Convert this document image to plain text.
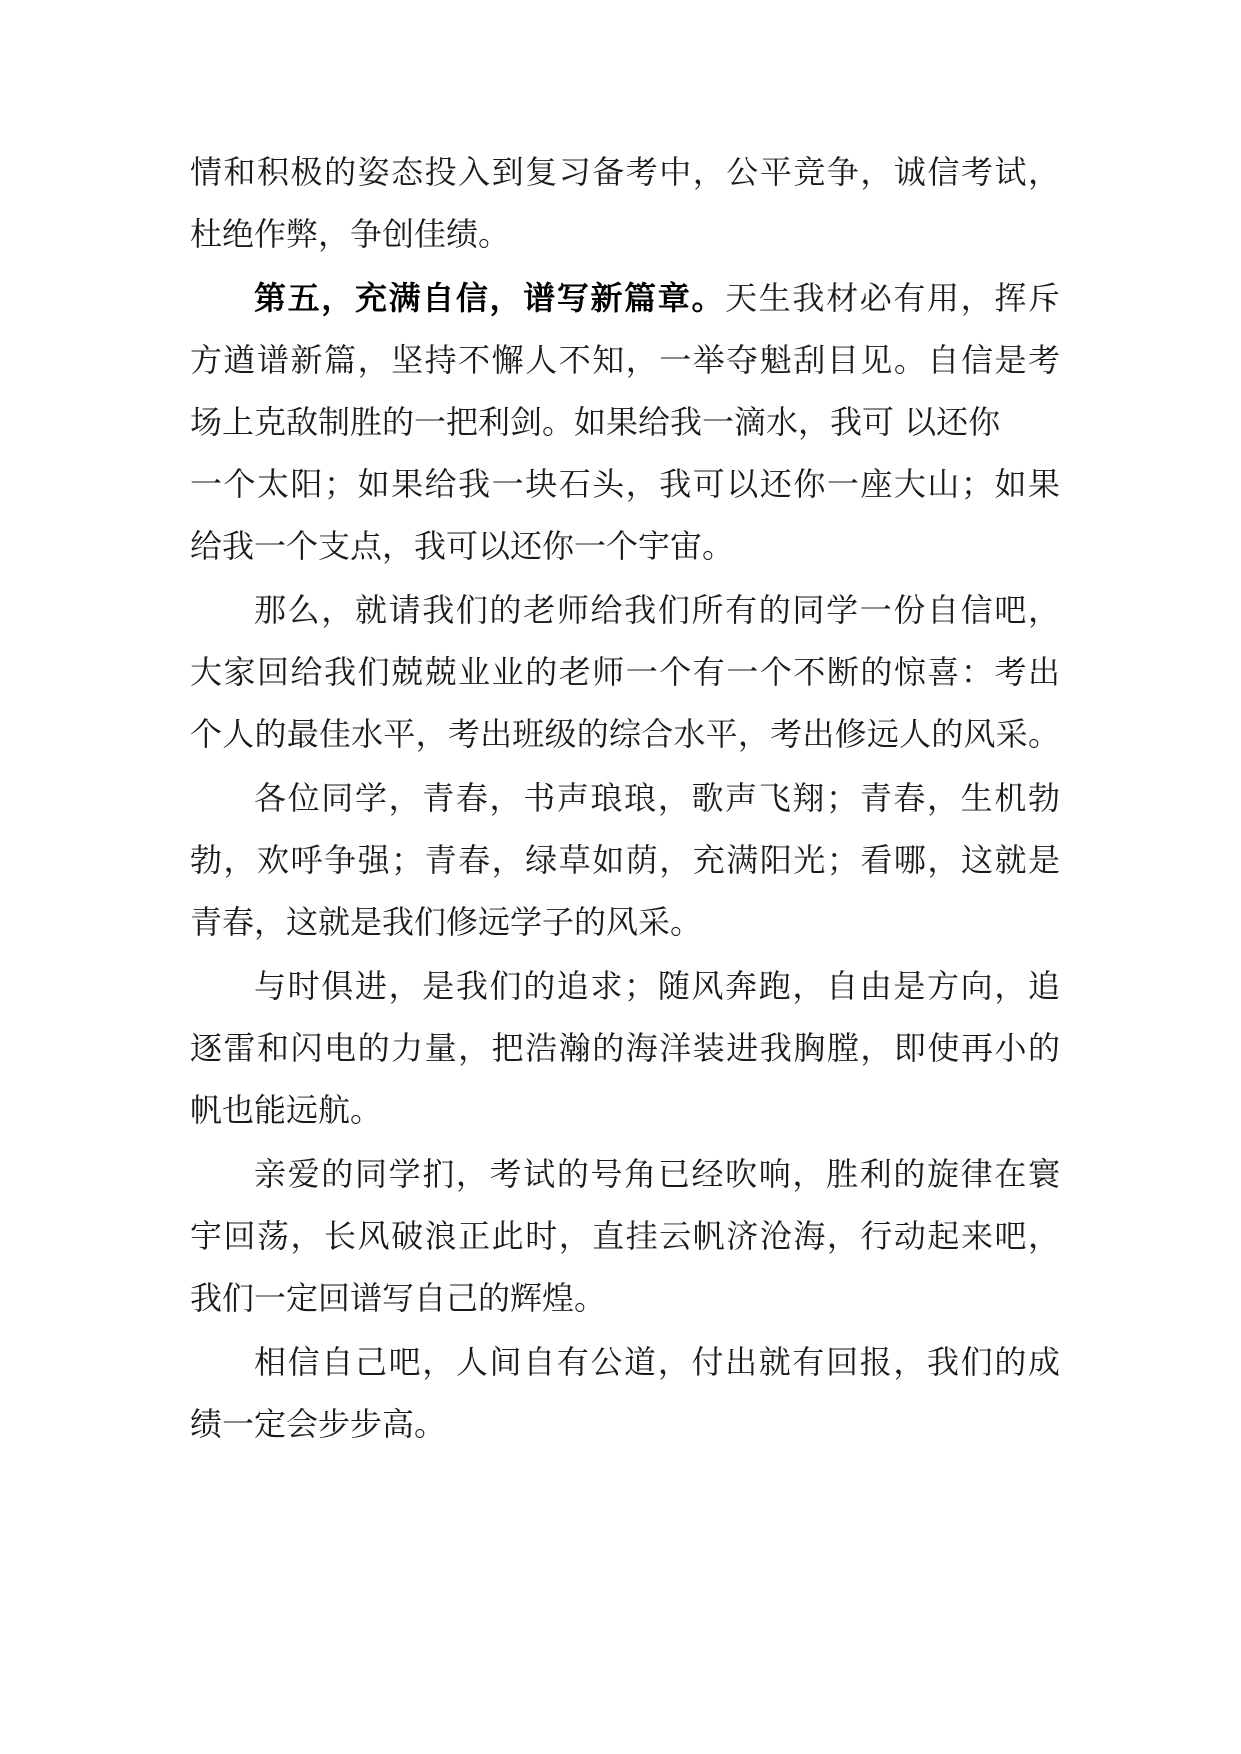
情和积极的姿态投入到复习备考中，公平竞争，诚信考试，

杜绝作弊，争创佳绩。

第五，充满自信，谱写新篇章。天生我材必有用，挥斥

方遒谱新篇，坚持不懈人不知，一举夺魁刮目见。自信是考

场上克敌制胜的一把利剑。如果给我一滴水，我可 以还你

一个太阳；如果给我一块石头，我可以还你一座大山；如果

给我一个支点，我可以还你一个宇宙。

那么，就请我们的老师给我们所有的同学一份自信吧，

大家回给我们兢兢业业的老师一个有一个不断的惊喜：考出

个人的最佳水平，考出班级的综合水平，考出修远人的风采。

各位同学，青春，书声琅琅，歌声飞翔；青春，生机勃

勃，欢呼争强；青春，绿草如荫，充满阳光；看哪，这就是

青春，这就是我们修远学子的风采。

与时俱进，是我们的追求；随风奔跑，自由是方向，追

逐雷和闪电的力量，把浩瀚的海洋装进我胸膛，即使再小的

帆也能远航。

亲爱的同学扪，考试的号角已经吹响，胜利的旋律在寰

宇回荡，长风破浪正此时，直挂云帆济沧海，行动起来吧，

我们一定回谱写自己的辉煌。

相信自己吧，人间自有公道，付出就有回报，我们的成

绩一定会步步高。
